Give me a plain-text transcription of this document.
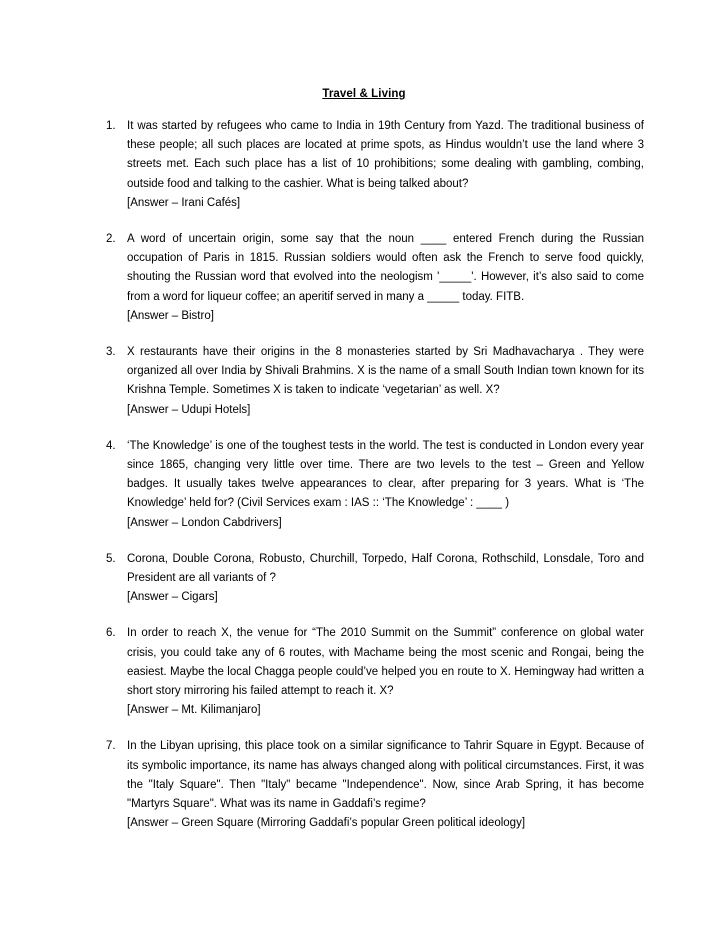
Travel & Living
1. It was started by refugees who came to India in 19th Century from Yazd. The traditional business of these people; all such places are located at prime spots, as Hindus wouldn’t use the land where 3 streets met. Each such place has a list of 10 prohibitions; some dealing with gambling, combing, outside food and talking to the cashier. What is being talked about?
[Answer – Irani Cafés]
2. A word of uncertain origin, some say that the noun ____ entered French during the Russian occupation of Paris in 1815. Russian soldiers would often ask the French to serve food quickly, shouting the Russian word that evolved into the neologism '_____'. However, it’s also said to come from a word for liqueur coffee; an aperitif served in many a _____ today. FITB.
[Answer – Bistro]
3. X restaurants have their origins in the 8 monasteries started by Sri Madhavacharya . They were organized all over India by Shivali Brahmins. X is the name of a small South Indian town known for its Krishna Temple. Sometimes X is taken to indicate ‘vegetarian’ as well. X?
[Answer – Udupi Hotels]
4. ‘The Knowledge’ is one of the toughest tests in the world. The test is conducted in London every year since 1865, changing very little over time. There are two levels to the test – Green and Yellow badges. It usually takes twelve appearances to clear, after preparing for 3 years. What is ‘The Knowledge’ held for? (Civil Services exam : IAS :: ‘The Knowledge’ : ____ )
[Answer – London Cabdrivers]
5. Corona, Double Corona, Robusto, Churchill, Torpedo, Half Corona, Rothschild, Lonsdale, Toro and President are all variants of ?
[Answer – Cigars]
6. In order to reach X, the venue for “The 2010 Summit on the Summit” conference on global water crisis, you could take any of 6 routes, with Machame being the most scenic and Rongai, being the easiest. Maybe the local Chagga people could’ve helped you en route to X. Hemingway had written a short story mirroring his failed attempt to reach it. X?
[Answer – Mt. Kilimanjaro]
7. In the Libyan uprising, this place took on a similar significance to Tahrir Square in Egypt. Because of its symbolic importance, its name has always changed along with political circumstances. First, it was the "Italy Square". Then "Italy" became "Independence". Now, since Arab Spring, it has become "Martyrs Square". What was its name in Gaddafi’s regime?
[Answer – Green Square (Mirroring Gaddafi’s popular Green political ideology]
